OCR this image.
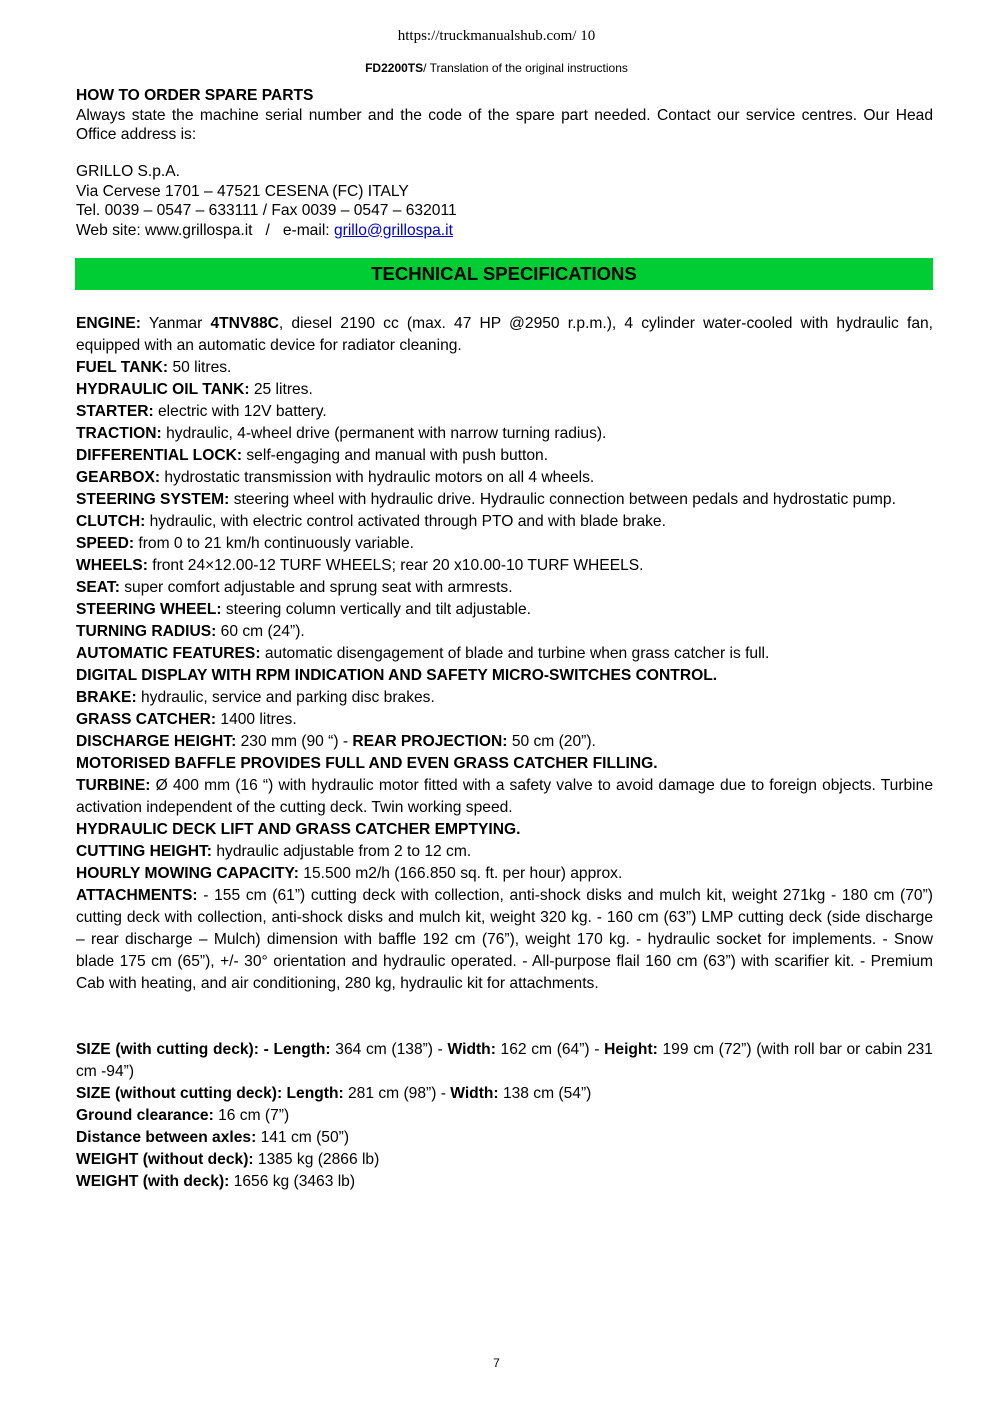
https://truckmanualshub.com/ 10
FD2200TS/ Translation of the original instructions
HOW TO ORDER SPARE PARTS
Always state the machine serial number and the code of the spare part needed. Contact our service centres. Our Head Office address is:
GRILLO S.p.A.
Via Cervese 1701 – 47521 CESENA (FC) ITALY
Tel. 0039 – 0547 – 633111 / Fax 0039 – 0547 – 632011
Web site: www.grillospa.it   /   e-mail: grillo@grillospa.it
TECHNICAL SPECIFICATIONS
ENGINE: Yanmar 4TNV88C, diesel 2190 cc (max. 47 HP @2950 r.p.m.), 4 cylinder water-cooled with hydraulic fan, equipped with an automatic device for radiator cleaning.
FUEL TANK: 50 litres.
HYDRAULIC OIL TANK: 25 litres.
STARTER: electric with 12V battery.
TRACTION: hydraulic, 4-wheel drive (permanent with narrow turning radius).
DIFFERENTIAL LOCK: self-engaging and manual with push button.
GEARBOX: hydrostatic transmission with hydraulic motors on all 4 wheels.
STEERING SYSTEM: steering wheel with hydraulic drive. Hydraulic connection between pedals and hydrostatic pump.
CLUTCH: hydraulic, with electric control activated through PTO and with blade brake.
SPEED: from 0 to 21 km/h continuously variable.
WHEELS: front 24×12.00-12 TURF WHEELS; rear 20 x10.00-10 TURF WHEELS.
SEAT: super comfort adjustable and sprung seat with armrests.
STEERING WHEEL: steering column vertically and tilt adjustable.
TURNING RADIUS: 60 cm (24”).
AUTOMATIC FEATURES: automatic disengagement of blade and turbine when grass catcher is full.
DIGITAL DISPLAY WITH RPM INDICATION AND SAFETY MICRO-SWITCHES CONTROL.
BRAKE: hydraulic, service and parking disc brakes.
GRASS CATCHER: 1400 litres.
DISCHARGE HEIGHT: 230 mm (90 “) - REAR PROJECTION: 50 cm (20”).
MOTORISED BAFFLE PROVIDES FULL AND EVEN GRASS CATCHER FILLING.
TURBINE: Ø 400 mm (16 “) with hydraulic motor fitted with a safety valve to avoid damage due to foreign objects. Turbine activation independent of the cutting deck. Twin working speed.
HYDRAULIC DECK LIFT AND GRASS CATCHER EMPTYING.
CUTTING HEIGHT: hydraulic adjustable from 2 to 12 cm.
HOURLY MOWING CAPACITY: 15.500 m2/h (166.850 sq. ft. per hour) approx.
ATTACHMENTS: - 155 cm (61”) cutting deck with collection, anti-shock disks and mulch kit, weight 271kg - 180 cm (70”) cutting deck with collection, anti-shock disks and mulch kit, weight 320 kg. - 160 cm (63”) LMP cutting deck (side discharge – rear discharge – Mulch) dimension with baffle 192 cm (76”), weight 170 kg. - hydraulic socket for implements. - Snow blade 175 cm (65”), +/- 30° orientation and hydraulic operated. - All-purpose flail 160 cm (63”) with scarifier kit. - Premium Cab with heating, and air conditioning, 280 kg, hydraulic kit for attachments.
SIZE (with cutting deck): - Length: 364 cm (138”) - Width: 162 cm (64”) - Height: 199 cm (72”) (with roll bar or cabin 231 cm -94”)
SIZE (without cutting deck): Length: 281 cm (98”) - Width: 138 cm (54”)
Ground clearance: 16 cm (7”)
Distance between axles: 141 cm (50”)
WEIGHT (without deck): 1385 kg (2866 lb)
WEIGHT (with deck): 1656 kg (3463 lb)
7
